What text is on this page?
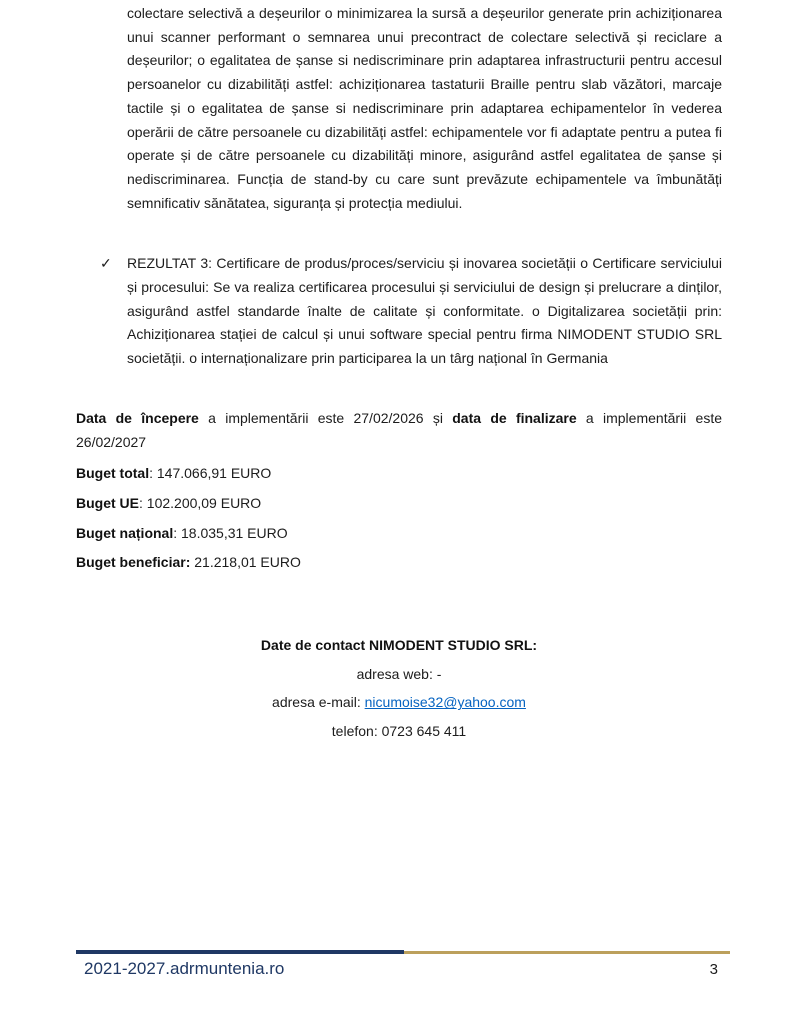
colectare selectivă a deșeurilor o minimizarea la sursă a deșeurilor generate prin achiziționarea unui scanner performant o semnarea unui precontract de colectare selectivă și reciclare a deșeurilor; o egalitatea de șanse si nediscriminare prin adaptarea infrastructurii pentru accesul persoanelor cu dizabilități astfel: achiziționarea tastaturii Braille pentru slab văzători, marcaje tactile și o egalitatea de șanse si nediscriminare prin adaptarea echipamentelor în vederea operării de către persoanele cu dizabilități astfel: echipamentele vor fi adaptate pentru a putea fi operate și de către persoanele cu dizabilități minore, asigurând astfel egalitatea de șanse și nediscriminarea. Funcția de stand-by cu care sunt prevăzute echipamentele va îmbunătăți semnificativ sănătatea, siguranța și protecția mediului.

✓	REZULTAT 3: Certificare de produs/proces/serviciu și inovarea societății o Certificare serviciului și procesului: Se va realiza certificarea procesului și serviciului de design și prelucrare a dinților, asigurând astfel standarde înalte de calitate și conformitate. o Digitalizarea societății prin: Achiziționarea stației de calcul și unui software special pentru firma NIMODENT STUDIO SRL societății. o internaționalizare prin participarea la un târg național în Germania

Data de începere a implementării este 27/02/2026 și data de finalizare a implementării este 26/02/2027

Buget total: 147.066,91 EURO

Buget UE: 102.200,09 EURO

Buget național: 18.035,31 EURO

Buget beneficiar: 21.218,01 EURO

Date de contact NIMODENT STUDIO SRL:

adresa web: -

adresa e-mail: nicumoise32@yahoo.com

telefon: 0723 645 411

2021-2027.adrmuntenia.ro	3
